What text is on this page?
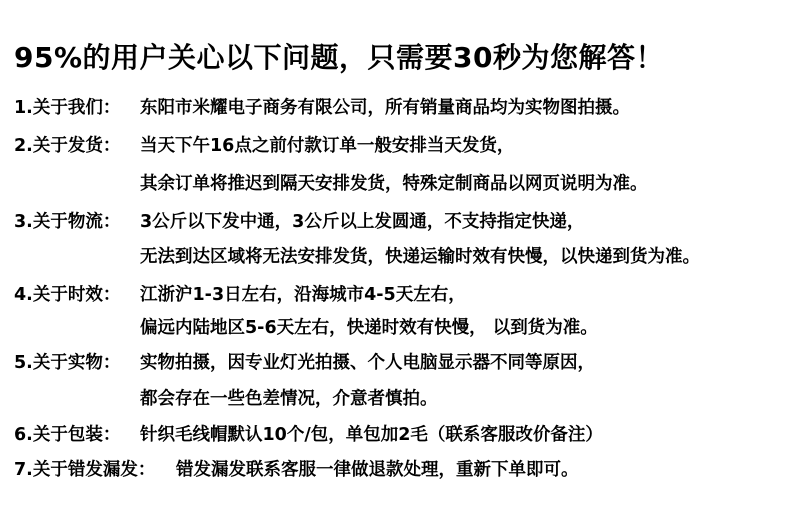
95%的用户关心以下问题，只需要30秒为您解答！
1.关于我们： 东阳市米耀电子商务有限公司，所有销量商品均为实物图拍摄。
2.关于发货： 当天下午16点之前付款订单一般安排当天发货，
其余订单将推迟到隔天安排发货，特殊定制商品以网页说明为准。
3.关于物流： 3公斤以下发中通，3公斤以上发圆通，不支持指定快递，
无法到达区域将无法安排发货，快递运输时效有快慢，以快递到货为准。
4.关于时效： 江浙沪1-3日左右，沿海城市4-5天左右，
偏远内陆地区5-6天左右，快递时效有快慢， 以到货为准。
5.关于实物： 实物拍摄，因专业灯光拍摄、个人电脑显示器不同等原因，
都会存在一些色差情况，介意者慎拍。
6.关于包装： 针织毛线帽默认10个/包，单包加2毛（联系客服改价备注）
7.关于错发漏发： 错发漏发联系客服一律做退款处理，重新下单即可。
